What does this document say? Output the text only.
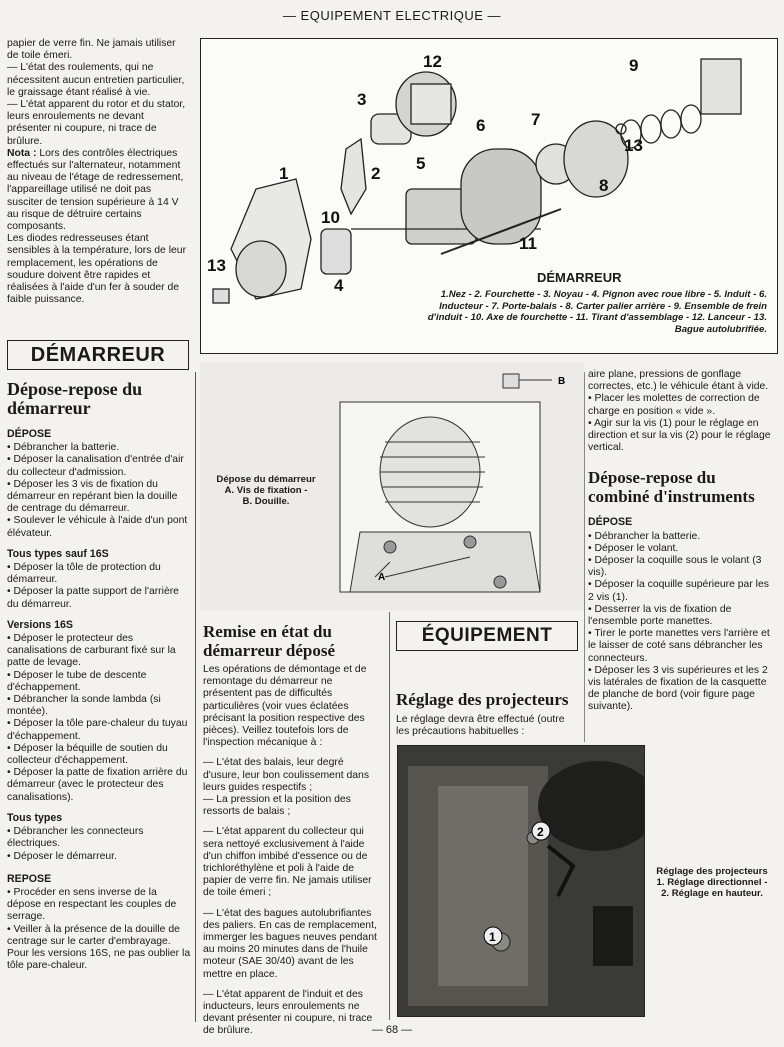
— EQUIPEMENT ELECTRIQUE —
— 68 —

papier de verre fin. Ne jamais utiliser de toile émeri.

— L'état des roulements, qui ne nécessitent aucun entretien particulier, le graissage étant réalisé à vie.

— L'état apparent du rotor et du stator, leurs enroulements ne devant présenter ni coupure, ni trace de brûlure.

Nota : Lors des contrôles électriques effectués sur l'alternateur, notamment au niveau de l'étage de redressement, l'appareillage utilisé ne doit pas susciter de tension supérieure à 14 V au risque de détruire certains composants.

Les diodes redresseuses étant sensibles à la température, lors de leur remplacement, les opérations de soudure doivent être rapides et réalisées à l'aide d'un fer à souder de faible puissance.

1	2
3
4
5
6	7
8
9
10
11
12
13
13
DÉMARREUR
1.Nez - 2. Fourchette - 3. Noyau - 4. Pignon avec roue libre - 5. Induit - 6. Inducteur - 7. Porte-balais - 8. Carter palier arrière - 9. Ensemble de frein d'induit - 10. Axe de fourchette - 11. Tirant d'assemblage - 12. Lanceur - 13. Bague autolubrifiée.
DÉMARREUR
Dépose-repose du démarreur
DÉPOSE

• Débrancher la batterie.

• Déposer la canalisation d'entrée d'air du collecteur d'admission.

• Déposer les 3 vis de fixation du démarreur en repérant bien la douille de centrage du démarreur.

• Soulever le véhicule à l'aide d'un pont élévateur.

Tous types sauf 16S

• Déposer la tôle de protection du démarreur.

• Déposer la patte support de l'arrière du démarreur.

Versions 16S

• Déposer le protecteur des canalisations de carburant fixé sur la patte de levage.

• Déposer le tube de descente d'échappement.

• Débrancher la sonde lambda (si montée).

• Déposer la tôle pare-chaleur du tuyau d'échappement.

• Déposer la béquille de soutien du collecteur d'échappement.

• Déposer la patte de fixation arrière du démarreur (avec le protecteur des canalisations).

Tous types

• Débrancher les connecteurs électriques.

• Déposer le démarreur.

REPOSE

• Procéder en sens inverse de la dépose en respectant les couples de serrage.

• Veiller à la présence de la douille de centrage sur le carter d'embrayage.

Pour les versions 16S, ne pas oublier la tôle pare-chaleur.

B
A
Dépose du démarreur
A. Vis de fixation -
B. Douille.
Remise en état du démarreur déposé

Les opérations de démontage et de remontage du démarreur ne présentent pas de difficultés particulières (voir vues éclatées précisant la position respective des pièces). Veillez toutefois lors de l'inspection mécanique à :

— L'état des balais, leur degré d'usure, leur bon coulissement dans leurs guides respectifs ;

— La pression et la position des ressorts de balais ;

— L'état apparent du collecteur qui sera nettoyé exclusivement à l'aide d'un chiffon imbibé d'essence ou de trichloréthylène et poli à l'aide de papier de verre fin. Ne jamais utiliser de toile émeri ;

— L'état des bagues autolubrifiantes des paliers. En cas de remplacement, immerger les bagues neuves pendant au moins 20 minutes dans de l'huile moteur (SAE 30/40) avant de les mettre en place.

— L'état apparent de l'induit et des inducteurs, leurs enroulements ne devant présenter ni coupure, ni trace de brûlure.

ÉQUIPEMENT
Réglage des projecteurs

Le réglage devra être effectué (outre les précautions habituelles :

aire plane, pressions de gonflage correctes, etc.) le véhicule étant à vide.

• Placer les molettes de correction de charge en position « vide ».

• Agir sur la vis (1) pour le réglage en direction et sur la vis (2) pour le réglage vertical.

Dépose-repose du combiné d'instruments
DÉPOSE

• Débrancher la batterie.

• Déposer le volant.

• Déposer la coquille sous le volant (3 vis).

• Déposer la coquille supérieure par les 2 vis (1).

• Desserrer la vis de fixation de l'ensemble porte manettes.

• Tirer le porte manettes vers l'arrière et le laisser de coté sans débrancher les connecteurs.

• Déposer les 3 vis supérieures et les 2 vis latérales de fixation de la casquette de planche de bord (voir figure page suivante).

2
1
Réglage des projecteurs
1. Réglage directionnel -
2. Réglage en hauteur.
